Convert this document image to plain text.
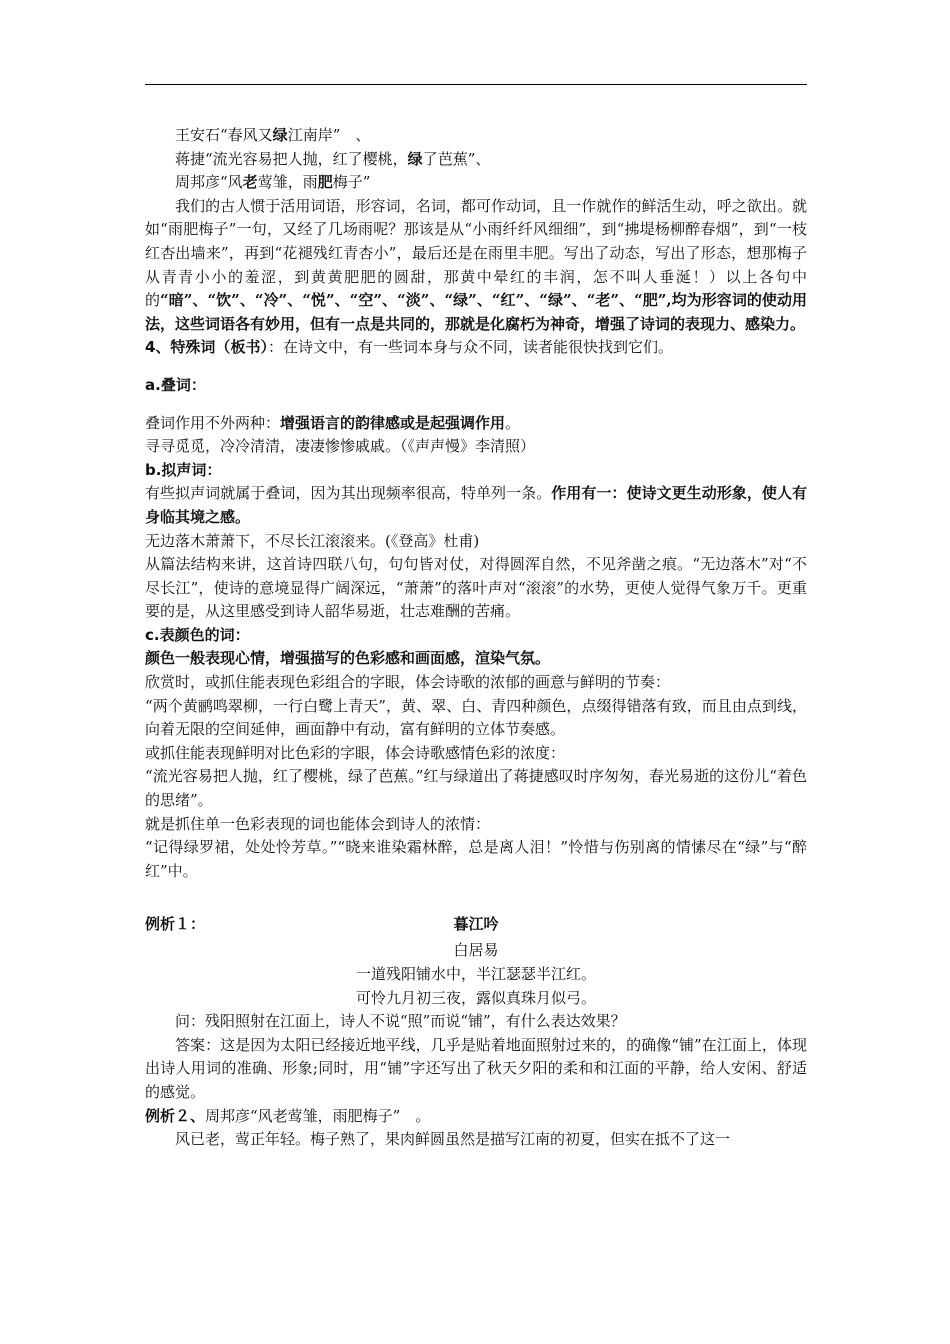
王安石“春风又绿江南岸”　、

蒋捷“流光容易把人抛，红了樱桃，绿了芭蕉”、

周邦彦“风老莺雏，雨肥梅子”

我们的古人惯于活用词语，形容词，名词，都可作动词，且一作就作的鲜活生动，呼之欲出。就如“雨肥梅子”一句，又经了几场雨呢？那该是从“小雨纤纤风细细”，到“拂堤杨柳醉春烟”，到“一枝红杏出墙来”，再到“花褪残红青杏小”，最后还是在雨里丰肥。写出了动态，写出了形态，想那梅子从青青小小的羞涩，到黄黄肥肥的圆甜，那黄中晕红的丰润，怎不叫人垂涎！）以上各句中的“暗”、“饮”、“冷”、“悦”、“空”、“淡”、“绿”、“红”、“绿”、“老”、“肥”,均为形容词的使动用法，这些词语各有妙用，但有一点是共同的，那就是化腐朽为神奇，增强了诗词的表现力、感染力。

4、特殊词（板书）：在诗文中，有一些词本身与众不同，读者能很快找到它们。

a.叠词：

叠词作用不外两种：增强语言的韵律感或是起强调作用。

寻寻觅觅，冷冷清清，凄凄惨惨戚戚。（《声声慢》李清照）

b.拟声词：

有些拟声词就属于叠词，因为其出现频率很高，特单列一条。作用有一：使诗文更生动形象，使人有身临其境之感。

无边落木萧萧下，不尽长江滚滚来。(《登高》杜甫)

从篇法结构来讲，这首诗四联八句，句句皆对仗，对得圆浑自然，不见斧凿之痕。“无边落木”对“不尽长江”，使诗的意境显得广阔深远，“萧萧”的落叶声对“滚滚”的水势，更使人觉得气象万千。更重要的是，从这里感受到诗人韶华易逝，壮志难酬的苦痛。

c.表颜色的词：

颜色一般表现心情，增强描写的色彩感和画面感，渲染气氛。

欣赏时，或抓住能表现色彩组合的字眼，体会诗歌的浓郁的画意与鲜明的节奏：

“两个黄鹂鸣翠柳，一行白鹭上青天”，黄、翠、白、青四种颜色，点缀得错落有致，而且由点到线，向着无限的空间延伸，画面静中有动，富有鲜明的立体节奏感。

或抓住能表现鲜明对比色彩的字眼，体会诗歌感情色彩的浓度：

“流光容易把人抛，红了樱桃，绿了芭蕉。”红与绿道出了蒋捷感叹时序匆匆，春光易逝的这份儿“着色的思绪”。

就是抓住单一色彩表现的词也能体会到诗人的浓情：

“记得绿罗裙，处处怜芳草。”“晓来谁染霜林醉，总是离人泪！”怜惜与伤别离的情愫尽在“绿”与“醉红”中。

例析１：	暮江吟

白居易

一道残阳铺水中，半江瑟瑟半江红。

可怜九月初三夜，露似真珠月似弓。

问：残阳照射在江面上，诗人不说“照”而说“铺”，有什么表达效果？

答案：这是因为太阳已经接近地平线，几乎是贴着地面照射过来的，的确像“铺”在江面上，体现出诗人用词的准确、形象;同时，用“铺”字还写出了秋天夕阳的柔和和江面的平静，给人安闲、舒适的感觉。

例析２、周邦彦“风老莺雏，雨肥梅子”　。

风已老，莺正年轻。梅子熟了，果肉鲜圆虽然是描写江南的初夏，但实在抵不了这一
